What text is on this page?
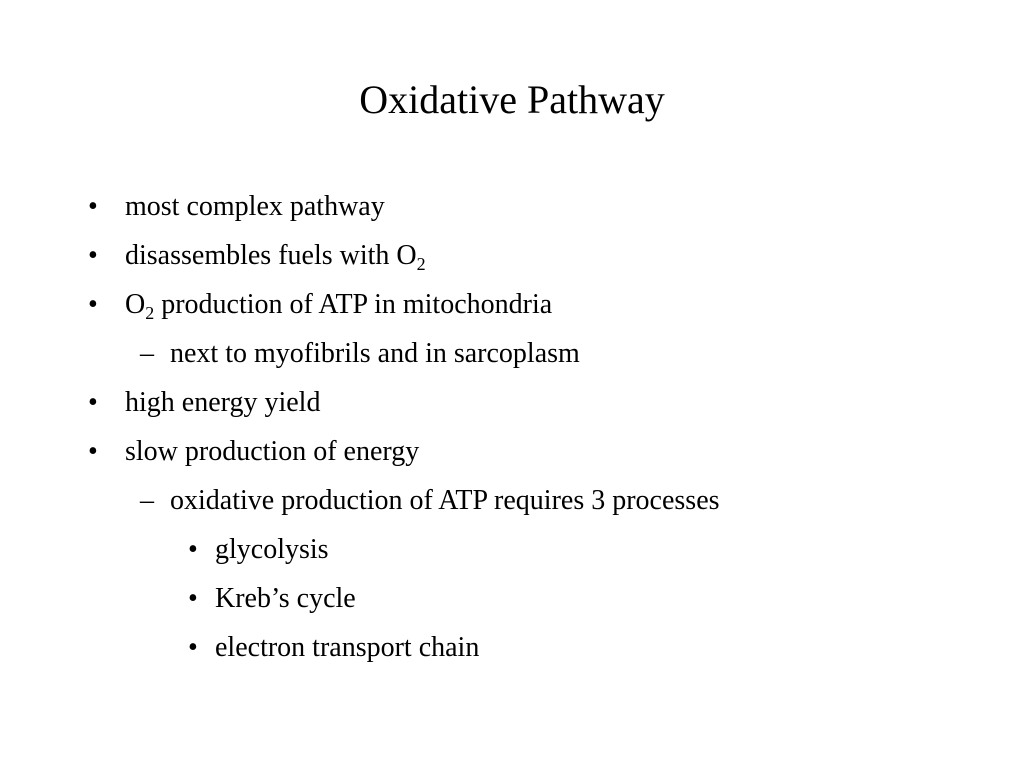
Oxidative Pathway
• most complex pathway
• disassembles fuels with $O_2$
• $O_2$ production of ATP in mitochondria
– next to myofibrils and in sarcoplasm
• high energy yield
• slow production of energy
– oxidative production of ATP requires 3 processes
• glycolysis
• Kreb’s cycle
• electron transport chain
